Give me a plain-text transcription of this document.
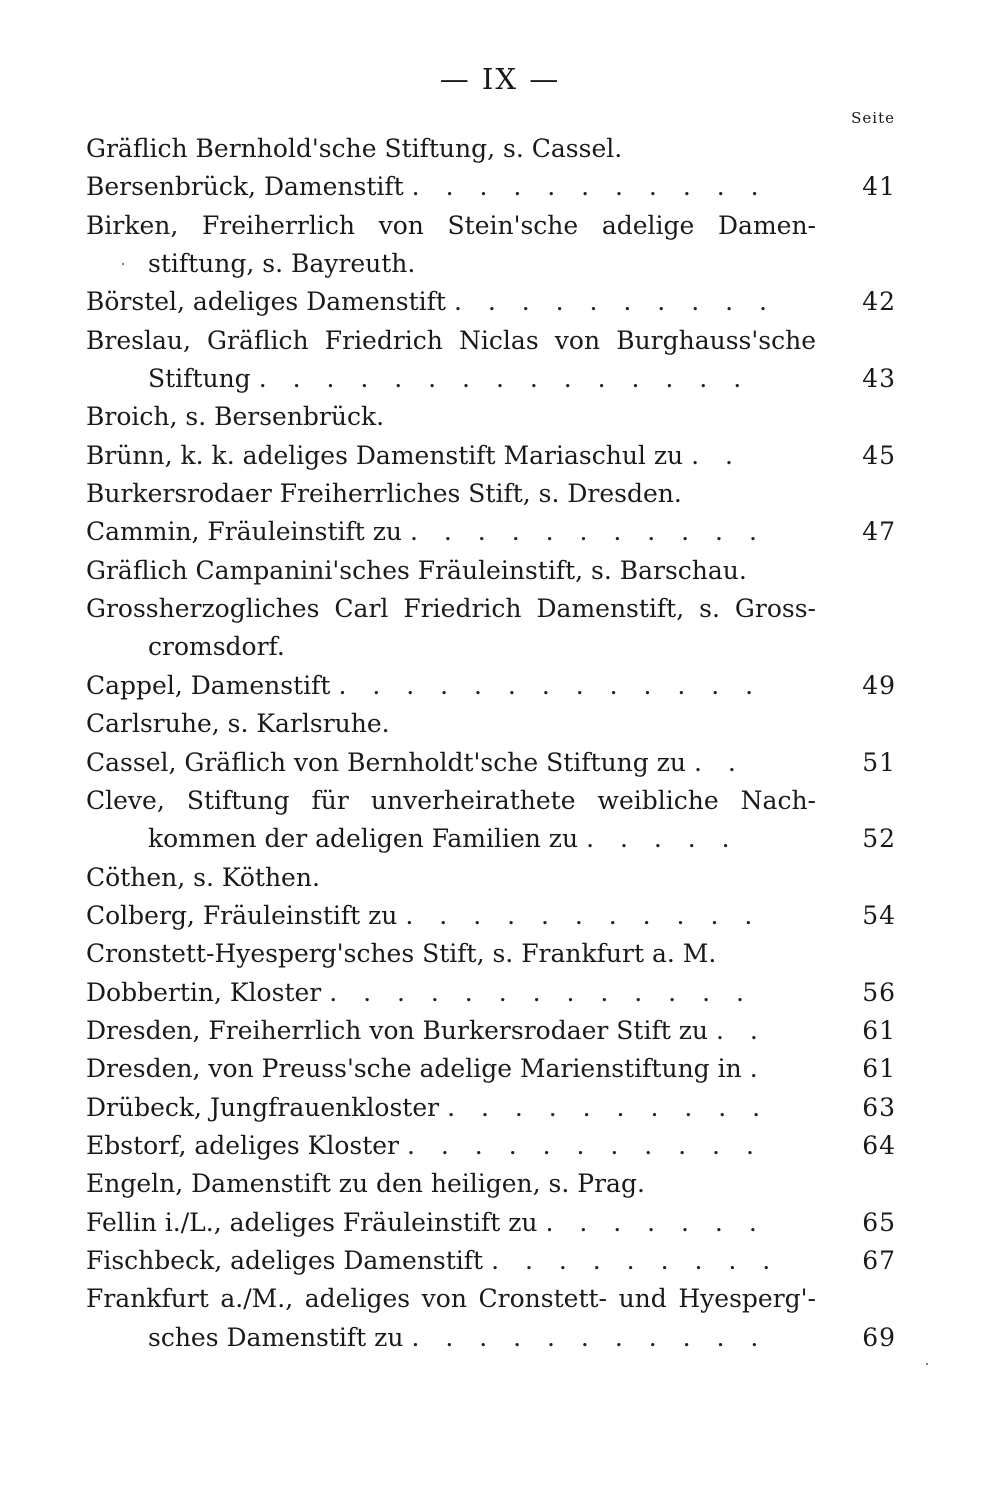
— IX —
Seite
Gräflich Bernhold'sche Stiftung, s. Cassel.
Bersenbrück, Damenstift . . . . . . . . . . .	41
Birken, Freiherrlich von Stein'sche adelige Damen-
stiftung, s. Bayreuth.
Börstel, adeliges Damenstift . . . . . . . . . .	42
Breslau, Gräflich Friedrich Niclas von Burghauss'sche
Stiftung . . . . . . . . . . . . . . .	43
Broich, s. Bersenbrück.
Brünn, k. k. adeliges Damenstift Mariaschul zu . .	45
Burkersrodaer Freiherrliches Stift, s. Dresden.
Cammin, Fräuleinstift zu . . . . . . . . . . .	47
Gräflich Campanini'sches Fräuleinstift, s. Barschau.
Grossherzogliches Carl Friedrich Damenstift, s. Gross-
cromsdorf.
Cappel, Damenstift . . . . . . . . . . . . .	49
Carlsruhe, s. Karlsruhe.
Cassel, Gräflich von Bernholdt'sche Stiftung zu . .	51
Cleve, Stiftung für unverheirathete weibliche Nach-
kommen der adeligen Familien zu . . . . .	52
Cöthen, s. Köthen.
Colberg, Fräuleinstift zu . . . . . . . . . . .	54
Cronstett-Hyesperg'sches Stift, s. Frankfurt a. M.
Dobbertin, Kloster . . . . . . . . . . . . .	56
Dresden, Freiherrlich von Burkersrodaer Stift zu . .	61
Dresden, von Preuss'sche adelige Marienstiftung in .	61
Drübeck, Jungfrauenkloster . . . . . . . . . .	63
Ebstorf, adeliges Kloster . . . . . . . . . . .	64
Engeln, Damenstift zu den heiligen, s. Prag.
Fellin i./L., adeliges Fräuleinstift zu . . . . . . .	65
Fischbeck, adeliges Damenstift . . . . . . . . .	67
Frankfurt a./M., adeliges von Cronstett- und Hyesperg'-
sches Damenstift zu . . . . . . . . . . .	69
